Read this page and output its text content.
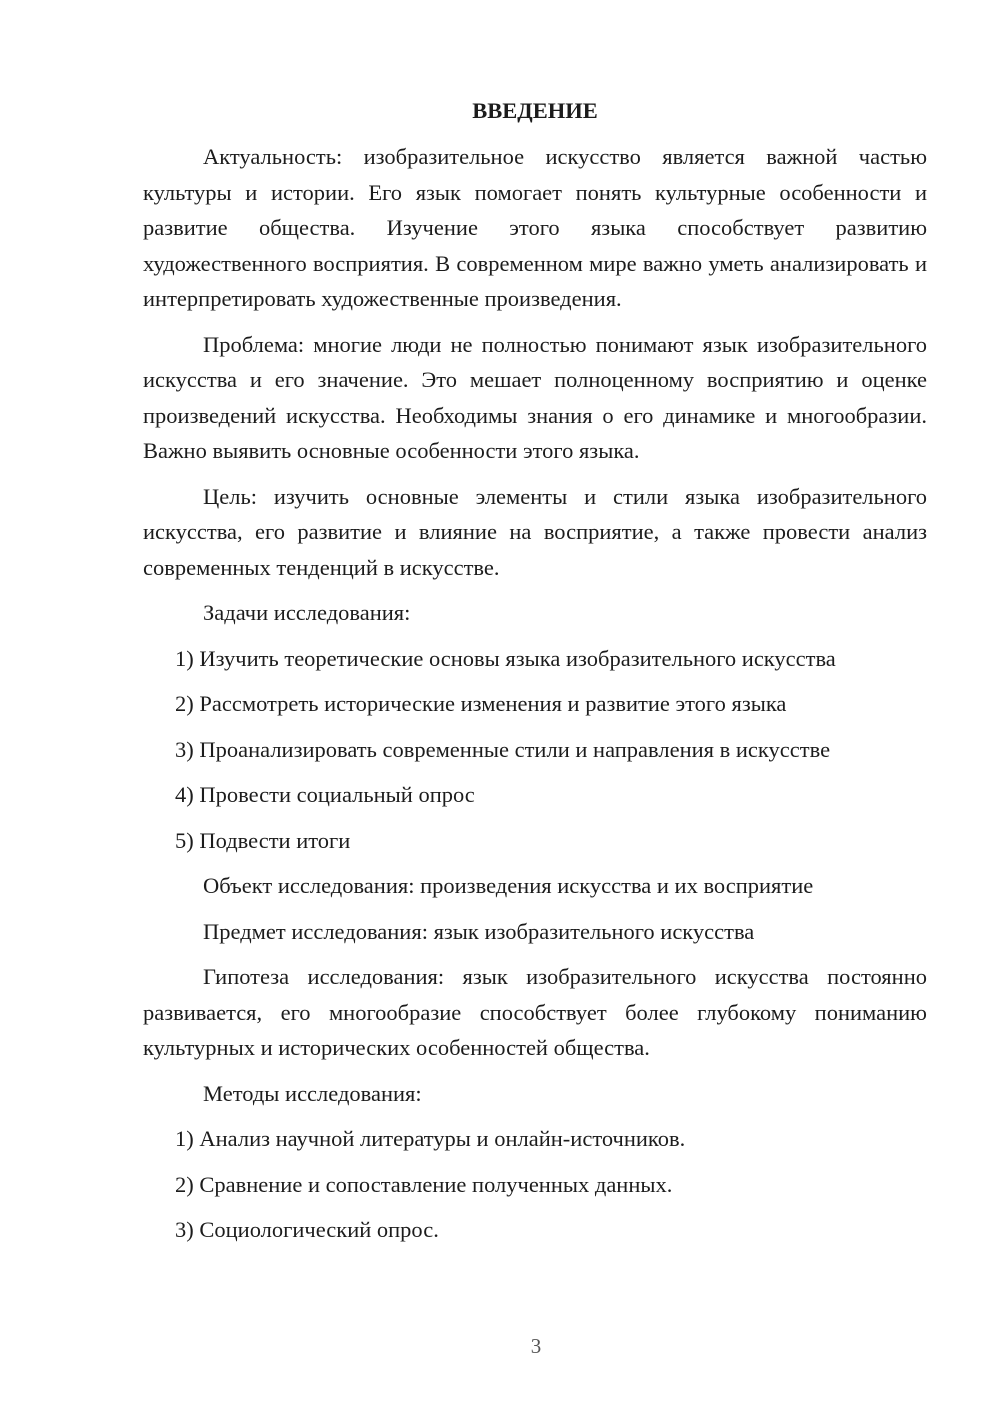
ВВЕДЕНИЕ

Актуальность: изобразительное искусство является важной частью культуры и истории. Его язык помогает понять культурные особенности и развитие общества. Изучение этого языка способствует развитию художественного восприятия. В современном мире важно уметь анализировать и интерпретировать художественные произведения.

Проблема: многие люди не полностью понимают язык изобразительного искусства и его значение. Это мешает полноценному восприятию и оценке произведений искусства. Необходимы знания о его динамике и многообразии. Важно выявить основные особенности этого языка.

Цель: изучить основные элементы и стили языка изобразительного искусства, его развитие и влияние на восприятие, а также провести анализ современных тенденций в искусстве.

Задачи исследования:
1) Изучить теоретические основы языка изобразительного искусства
2) Рассмотреть исторические изменения и развитие этого языка
3) Проанализировать современные стили и направления в искусстве
4) Провести социальный опрос
5) Подвести итоги
Объект исследования: произведения искусства и их восприятие
Предмет исследования: язык изобразительного искусства

Гипотеза исследования: язык изобразительного искусства постоянно развивается, его многообразие способствует более глубокому пониманию культурных и исторических особенностей общества.

Методы исследования:
1) Анализ научной литературы и онлайн-источников.
2) Сравнение и сопоставление полученных данных.
3) Социологический опрос.
3
